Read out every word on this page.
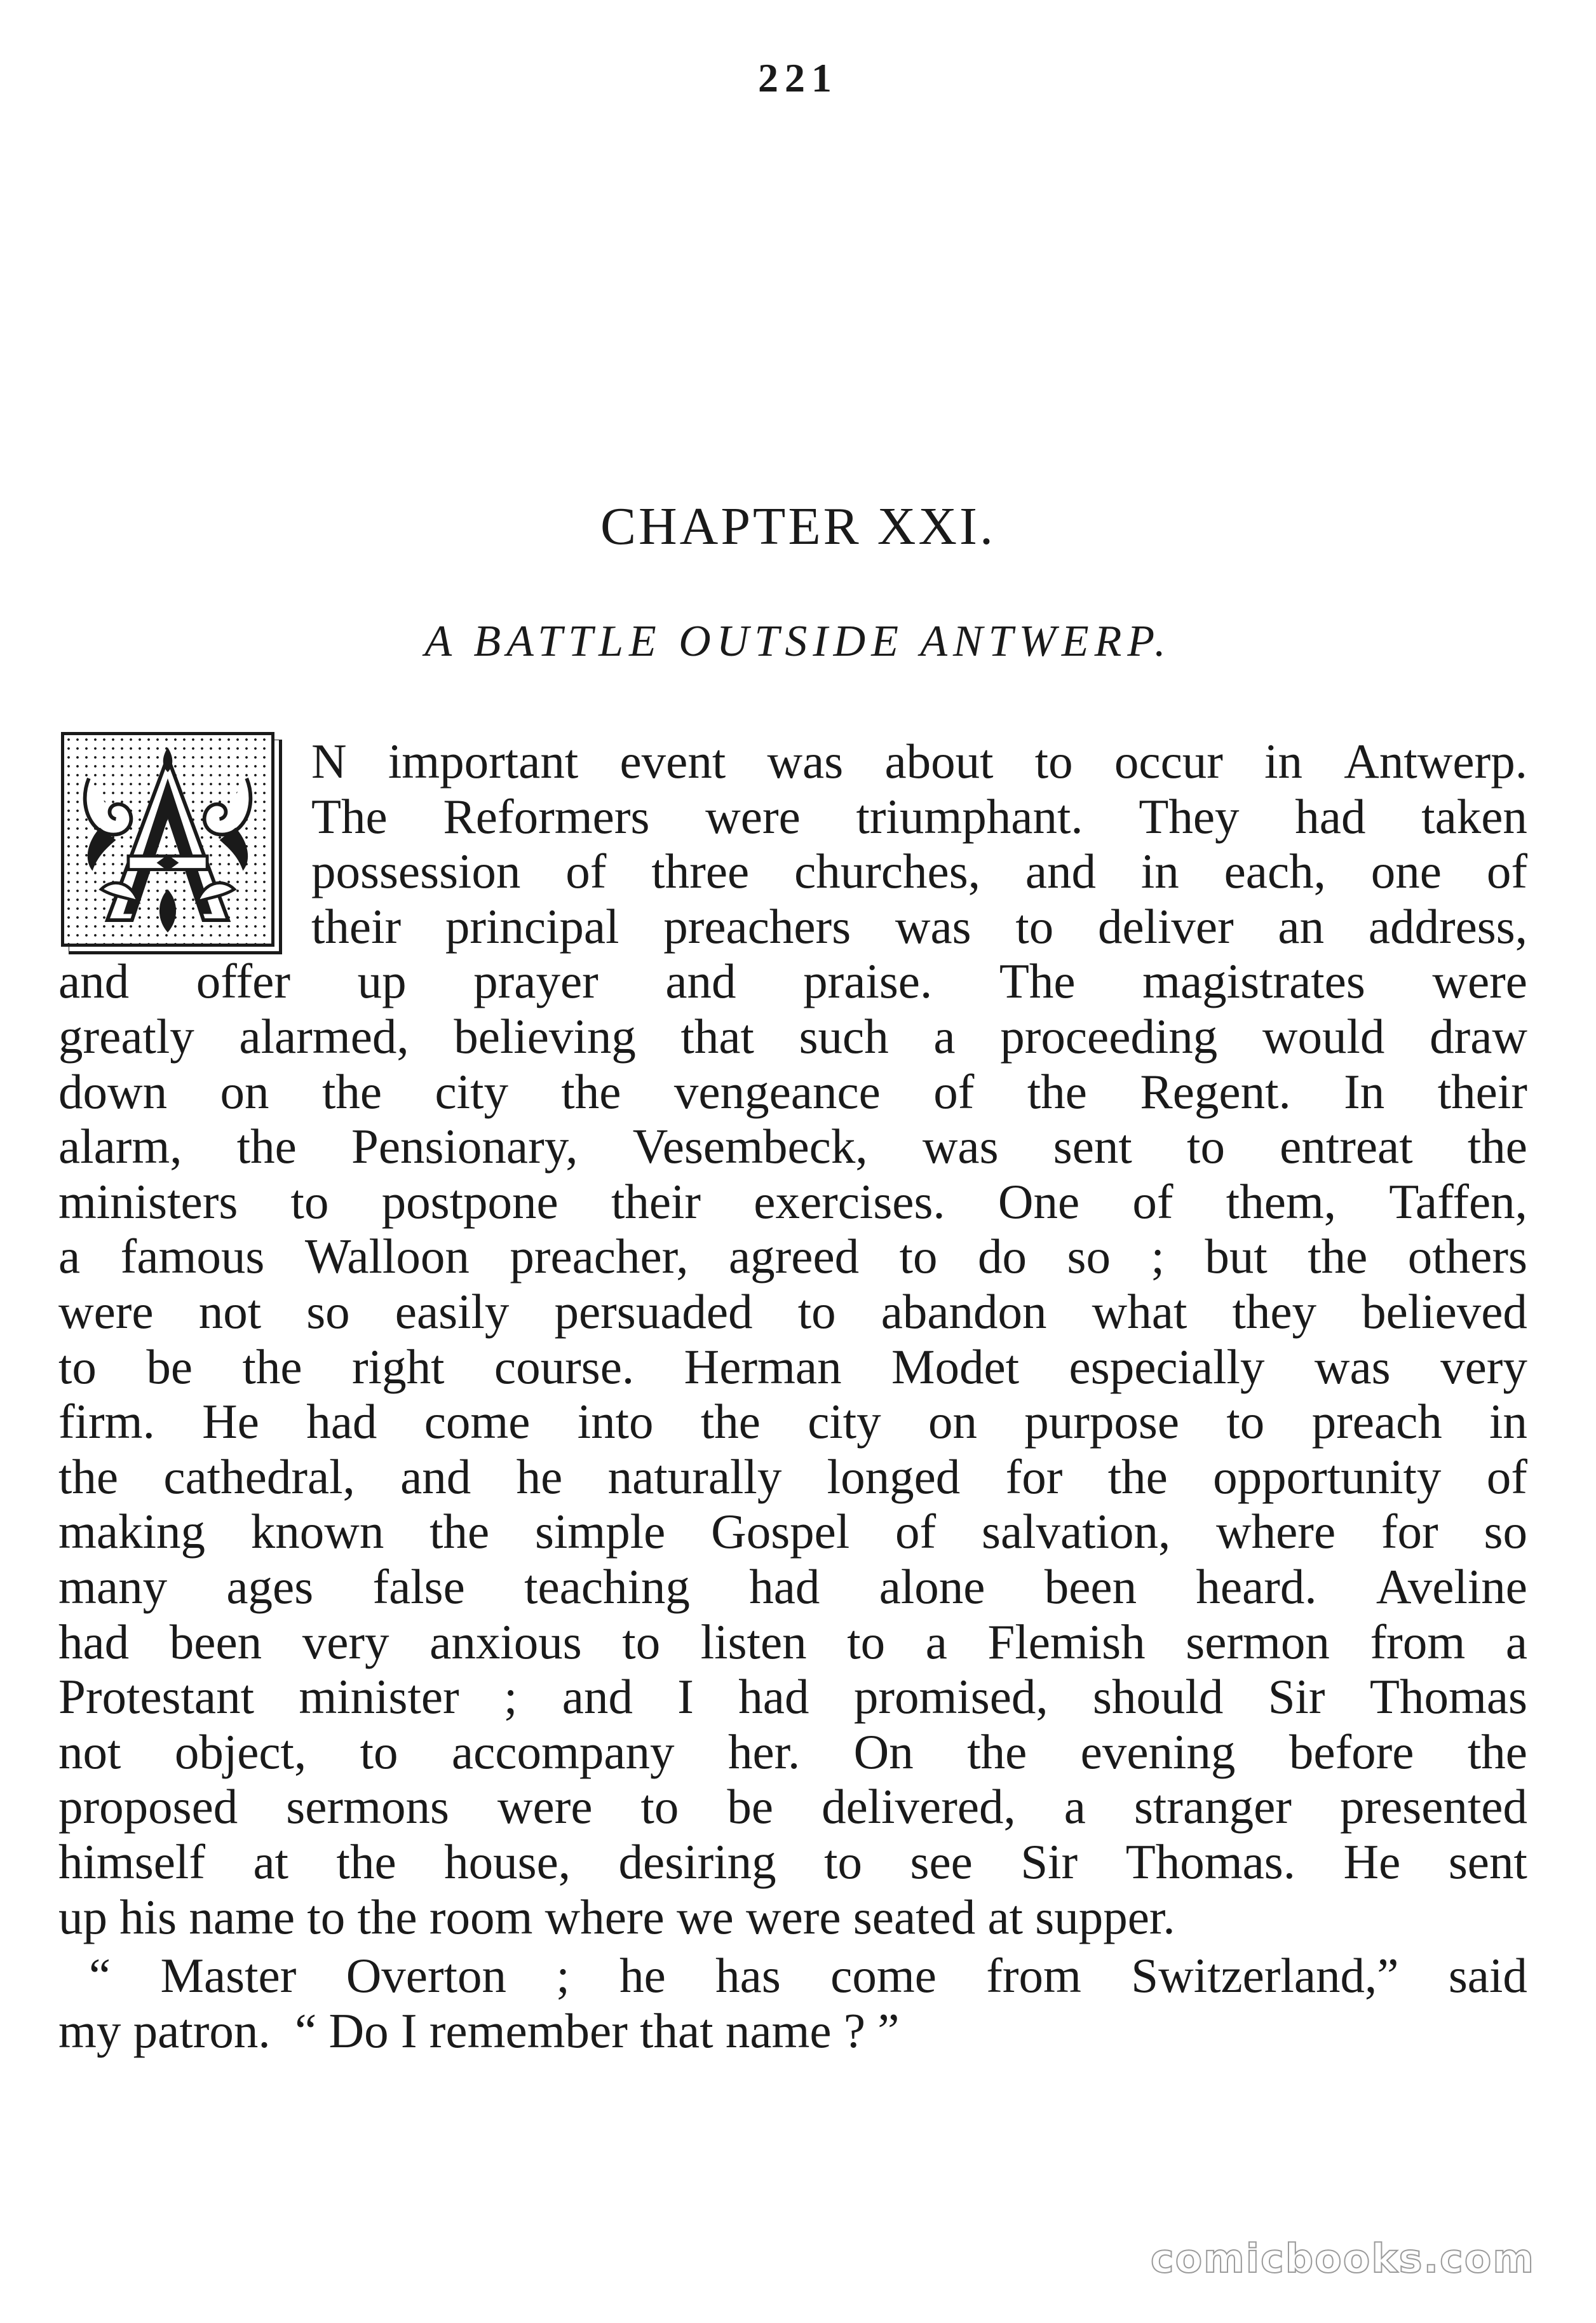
221
CHAPTER XXI.
A BATTLE OUTSIDE ANTWERP.
N important event was about to occur in Antwerp.
The Reformers were triumphant. They had taken
possession of three churches, and in each, one of
their principal preachers was to deliver an address,
and offer up prayer and praise. The magistrates were
greatly alarmed, believing that such a proceeding would draw
down on the city the vengeance of the Regent. In their
alarm, the Pensionary, Vesembeck, was sent to entreat the
ministers to postpone their exercises. One of them, Taffen,
a famous Walloon preacher, agreed to do so ; but the others
were not so easily persuaded to abandon what they believed
to be the right course. Herman Modet especially was very
firm. He had come into the city on purpose to preach in
the cathedral, and he naturally longed for the opportunity of
making known the simple Gospel of salvation, where for so
many ages false teaching had alone been heard. Aveline
had been very anxious to listen to a Flemish sermon from a
Protestant minister ; and I had promised, should Sir Thomas
not object, to accompany her. On the evening before the
proposed sermons were to be delivered, a stranger presented
himself at the house, desiring to see Sir Thomas. He sent
up his name to the room where we were seated at supper.
“ Master Overton ; he has come from Switzerland,” said
my patron.  “ Do I remember that name ? ”
comicbooks.com
